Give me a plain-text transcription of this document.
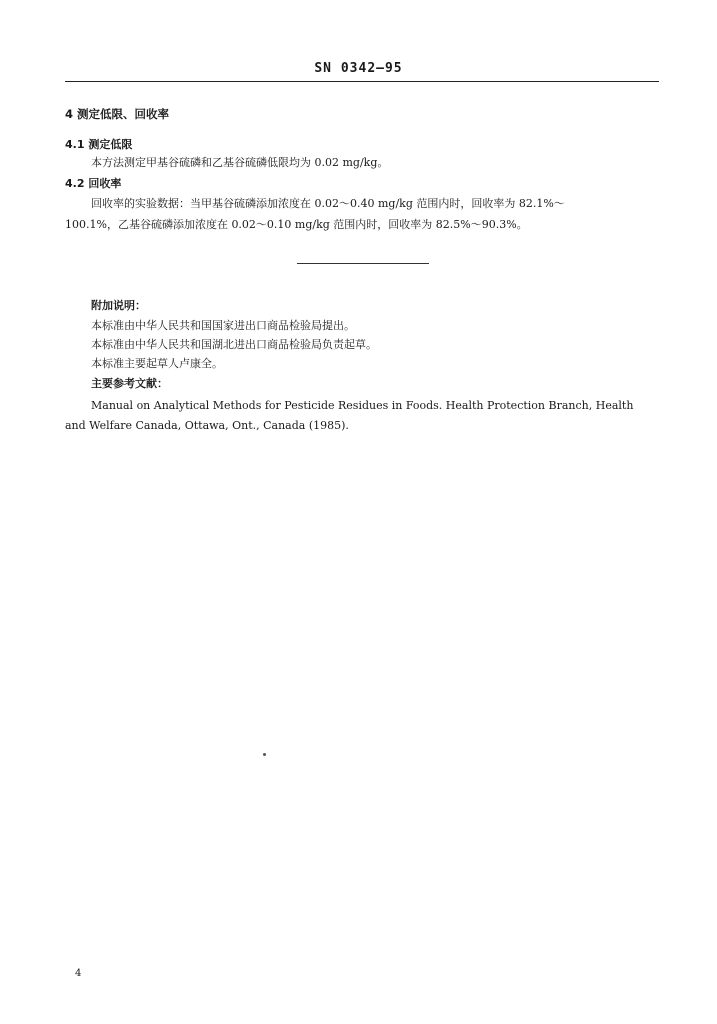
SN 0342—95
4 测定低限、回收率
4.1 测定低限
本方法测定甲基谷硫磷和乙基谷硫磷低限均为 0.02 mg/kg。
4.2 回收率
回收率的实验数据：当甲基谷硫磷添加浓度在 0.02～0.40 mg/kg 范围内时，回收率为 82.1%～
100.1%，乙基谷硫磷添加浓度在 0.02～0.10 mg/kg 范围内时，回收率为 82.5%～90.3%。
附加说明：
本标准由中华人民共和国国家进出口商品检验局提出。
本标准由中华人民共和国湖北进出口商品检验局负责起草。
本标准主要起草人卢康全。
主要参考文献：
Manual on Analytical Methods for Pesticide Residues in Foods. Health Protection Branch, Health
and Welfare Canada, Ottawa, Ont., Canada (1985).
4
